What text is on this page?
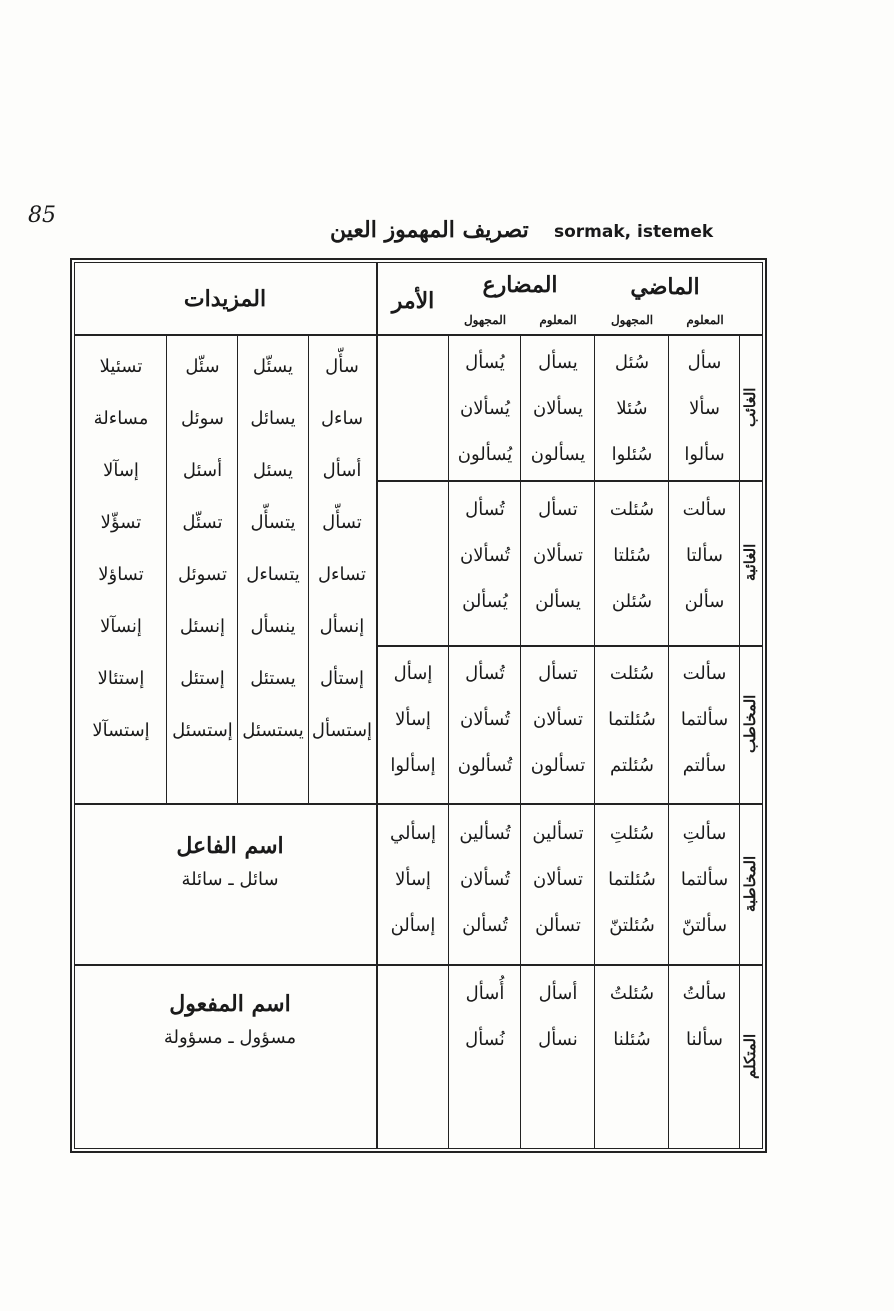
85
تصريف المهموز العين sormak, istemek
الماضي
المضارع
الأمر
المزيدات
المعلوم
المجهول
المعلوم
المجهول
الغائب
الغائبة
المخاطب
المخاطبة
المتكلم
اسم الفاعل
سائل ـ سائلة
اسم المفعول
مسؤول ـ مسؤولة
سأل
سألا
سألوا
سألت
سألتا
سألن
سألت
سألتما
سألتم
سألتِ
سألتما
سألتنّ
سألتُ
سألنا
سُئل
سُئلا
سُئلوا
سُئلت
سُئلتا
سُئلن
سُئلت
سُئلتما
سُئلتم
سُئلتِ
سُئلتما
سُئلتنّ
سُئلتُ
سُئلنا
يسأل
يسألان
يسألون
تسأل
تسألان
يسألن
تسأل
تسألان
تسألون
تسألين
تسألان
تسألن
أسأل
نسأل
يُسأل
يُسألان
يُسألون
تُسأل
تُسألان
يُسألن
تُسأل
تُسألان
تُسألون
تُسألين
تُسألان
تُسألن
أُسأل
نُسأل
إسأل
إسألا
إسألوا
إسألي
إسألا
إسألن
سأّل
ساءل
أسأل
تسأّل
تساءل
إنسأل
إستأل
إستسأل
يسئّل
يسائل
يسئل
يتسأّل
يتساءل
ينسأل
يستئل
يستسئل
سئّل
سوئل
أسئل
تسئّل
تسوئل
إنسئل
إستئل
إستسئل
تسئيلا
مساءلة
إسآلا
تسؤّلا
تساؤلا
إنسآلا
إستئالا
إستسآلا
